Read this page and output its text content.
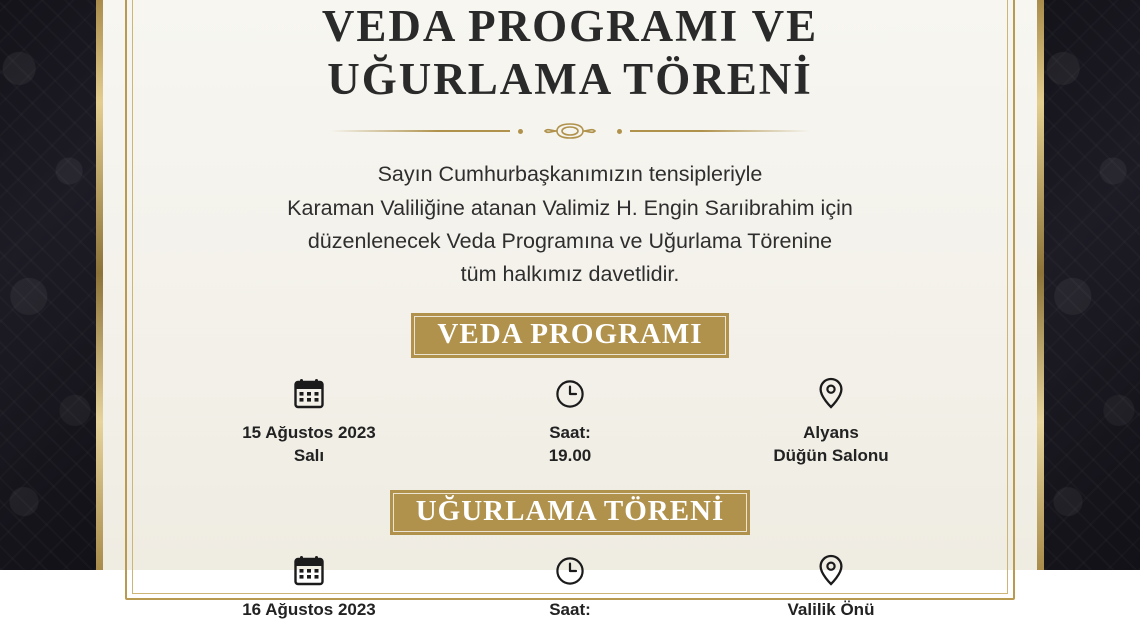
VEDA PROGRAMI VE
UĞURLAMA TÖRENİ

Sayın Cumhurbaşkanımızın tensipleriyle

Karaman Valiliğine atanan Valimiz H. Engin Sarıibrahim için

düzenlenecek Veda Programına ve Uğurlama Törenine

tüm halkımız davetlidir.

VEDA PROGRAMI
15 Ağustos 2023
Salı
Saat:
19.00
Alyans
Düğün Salonu
UĞURLAMA TÖRENİ
16 Ağustos 2023	Saat:	Valilik Önü
